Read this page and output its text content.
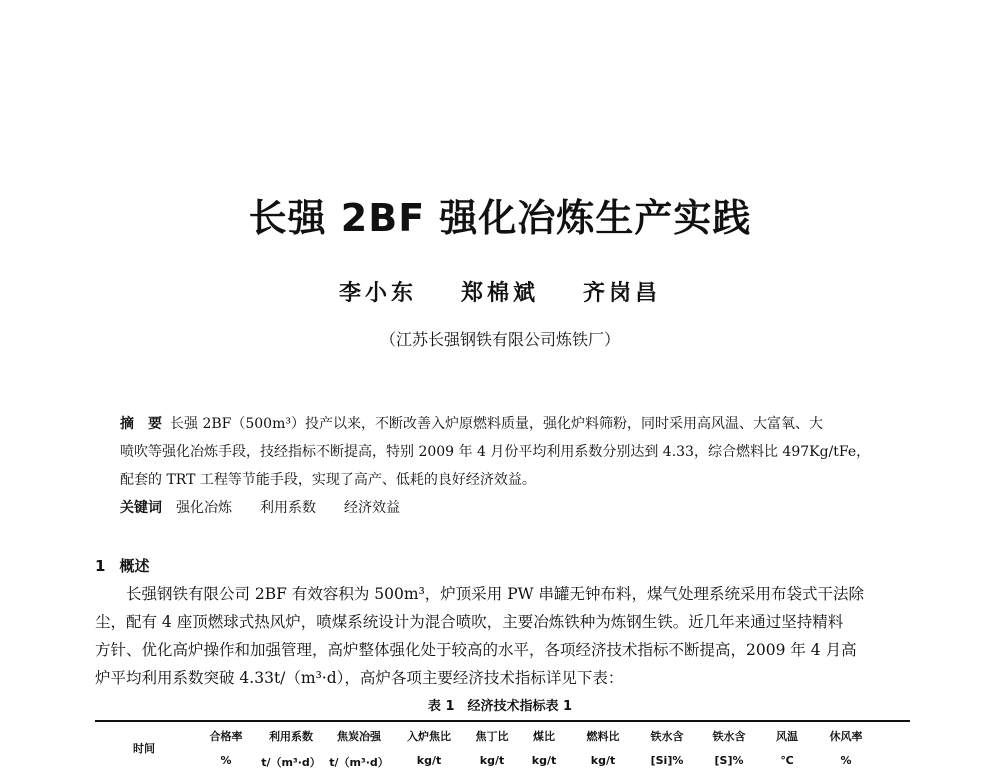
长强 2BF 强化冶炼生产实践
李小东 郑棉斌 齐岗昌
（江苏长强钢铁有限公司炼铁厂）
摘　要 长强 2BF（500m³）投产以来，不断改善入炉原燃料质量，强化炉料筛粉，同时采用高风温、大富氧、大
喷吹等强化冶炼手段，技经指标不断提高，特别 2009 年 4 月份平均利用系数分别达到 4.33，综合燃料比 497Kg/tFe，
配套的 TRT 工程等节能手段，实现了高产、低耗的良好经济效益。
关键词 强化冶炼 利用系数 经济效益
1 概述
长强钢铁有限公司 2BF 有效容积为 500m³，炉顶采用 PW 串罐无钟布料，煤气处理系统采用布袋式干法除
尘，配有 4 座顶燃球式热风炉，喷煤系统设计为混合喷吹，主要冶炼铁种为炼钢生铁。近几年来通过坚持精料
方针、优化高炉操作和加强管理，高炉整体强化处于较高的水平，各项经济技术指标不断提高，2009 年 4 月高
炉平均利用系数突破 4.33t/（m³·d），高炉各项主要经济技术指标详见下表：
表 1　经济技术指标表 1
时间
合格率
%
利用系数
t/（m³·d）
焦炭冶强
t/（m³·d）
入炉焦比
kg/t
焦丁比
kg/t
煤比
kg/t
燃料比
kg/t
铁水含
[Si]%
铁水含
[S]%
风温
℃
休风率
%
